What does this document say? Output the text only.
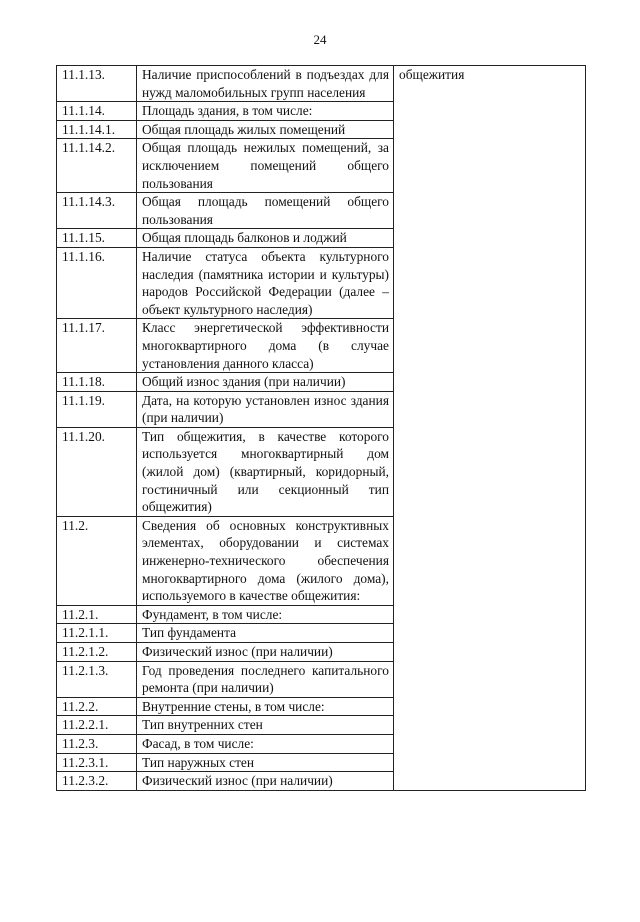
24
11.1.13.	Наличие приспособлений в подъездах для нужд маломобильных групп населения	общежития
11.1.14.	Площадь здания, в том числе:	
11.1.14.1.	Общая площадь жилых помещений	
11.1.14.2.	Общая площадь нежилых помещений, за исключением помещений общего пользования	
11.1.14.3.	Общая площадь помещений общего пользования	
11.1.15.	Общая площадь балконов и лоджий	
11.1.16.	Наличие статуса объекта культурного наследия (памятника истории и культуры) народов Российской Федерации (далее – объект культурного наследия)	
11.1.17.	Класс энергетической эффективности многоквартирного дома (в случае установления данного класса)	
11.1.18.	Общий износ здания (при наличии)	
11.1.19.	Дата, на которую установлен износ здания (при наличии)	
11.1.20.	Тип общежития, в качестве которого используется многоквартирный дом (жилой дом) (квартирный, коридорный, гостиничный или секционный тип общежития)	
11.2.	Сведения об основных конструктивных элементах, оборудовании и системах инженерно-технического обеспечения многоквартирного дома (жилого дома), используемого в качестве общежития:	
11.2.1.	Фундамент, в том числе:	
11.2.1.1.	Тип фундамента	
11.2.1.2.	Физический износ (при наличии)	
11.2.1.3.	Год проведения последнего капитального ремонта (при наличии)	
11.2.2.	Внутренние стены, в том числе:	
11.2.2.1.	Тип внутренних стен	
11.2.3.	Фасад, в том числе:	
11.2.3.1.	Тип наружных стен	
11.2.3.2.	Физический износ (при наличии)	
